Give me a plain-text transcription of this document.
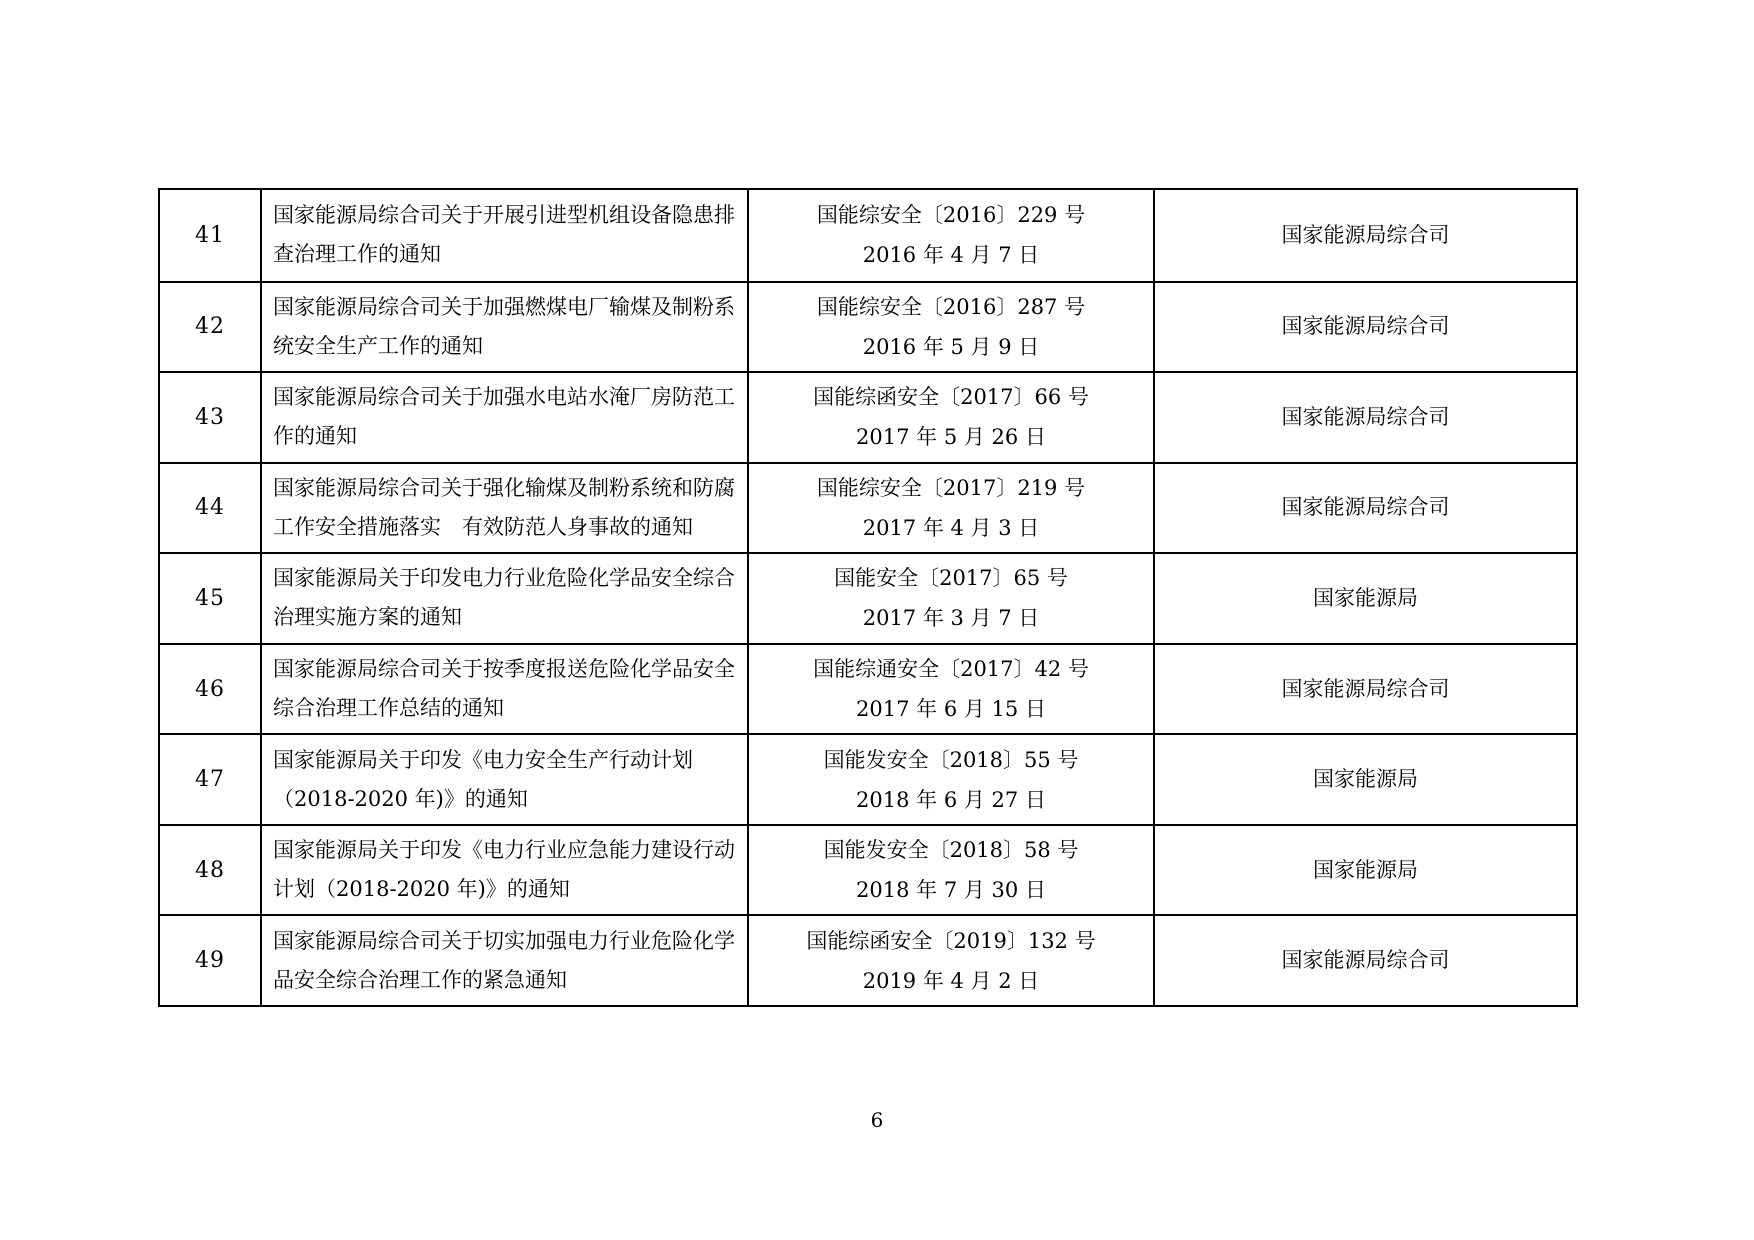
41
国家能源局综合司关于开展引进型机组设备隐患排查治理工作的通知
国能综安全〔2016〕229 号
2016 年 4 月 7 日
国家能源局综合司
42
国家能源局综合司关于加强燃煤电厂输煤及制粉系统安全生产工作的通知
国能综安全〔2016〕287 号
2016 年 5 月 9 日
国家能源局综合司
43
国家能源局综合司关于加强水电站水淹厂房防范工作的通知
国能综函安全〔2017〕66 号
2017 年 5 月 26 日
国家能源局综合司
44
国家能源局综合司关于强化输煤及制粉系统和防腐工作安全措施落实　有效防范人身事故的通知
国能综安全〔2017〕219 号
2017 年 4 月 3 日
国家能源局综合司
45
国家能源局关于印发电力行业危险化学品安全综合治理实施方案的通知
国能安全〔2017〕65 号
2017 年 3 月 7 日
国家能源局
46
国家能源局综合司关于按季度报送危险化学品安全综合治理工作总结的通知
国能综通安全〔2017〕42 号
2017 年 6 月 15 日
国家能源局综合司
47
国家能源局关于印发《电力安全生产行动计划（2018-2020 年)》的通知
国能发安全〔2018〕55 号
2018 年 6 月 27 日
国家能源局
48
国家能源局关于印发《电力行业应急能力建设行动计划（2018-2020 年)》的通知
国能发安全〔2018〕58 号
2018 年 7 月 30 日
国家能源局
49
国家能源局综合司关于切实加强电力行业危险化学品安全综合治理工作的紧急通知
国能综函安全〔2019〕132 号
2019 年 4 月 2 日
国家能源局综合司
6
